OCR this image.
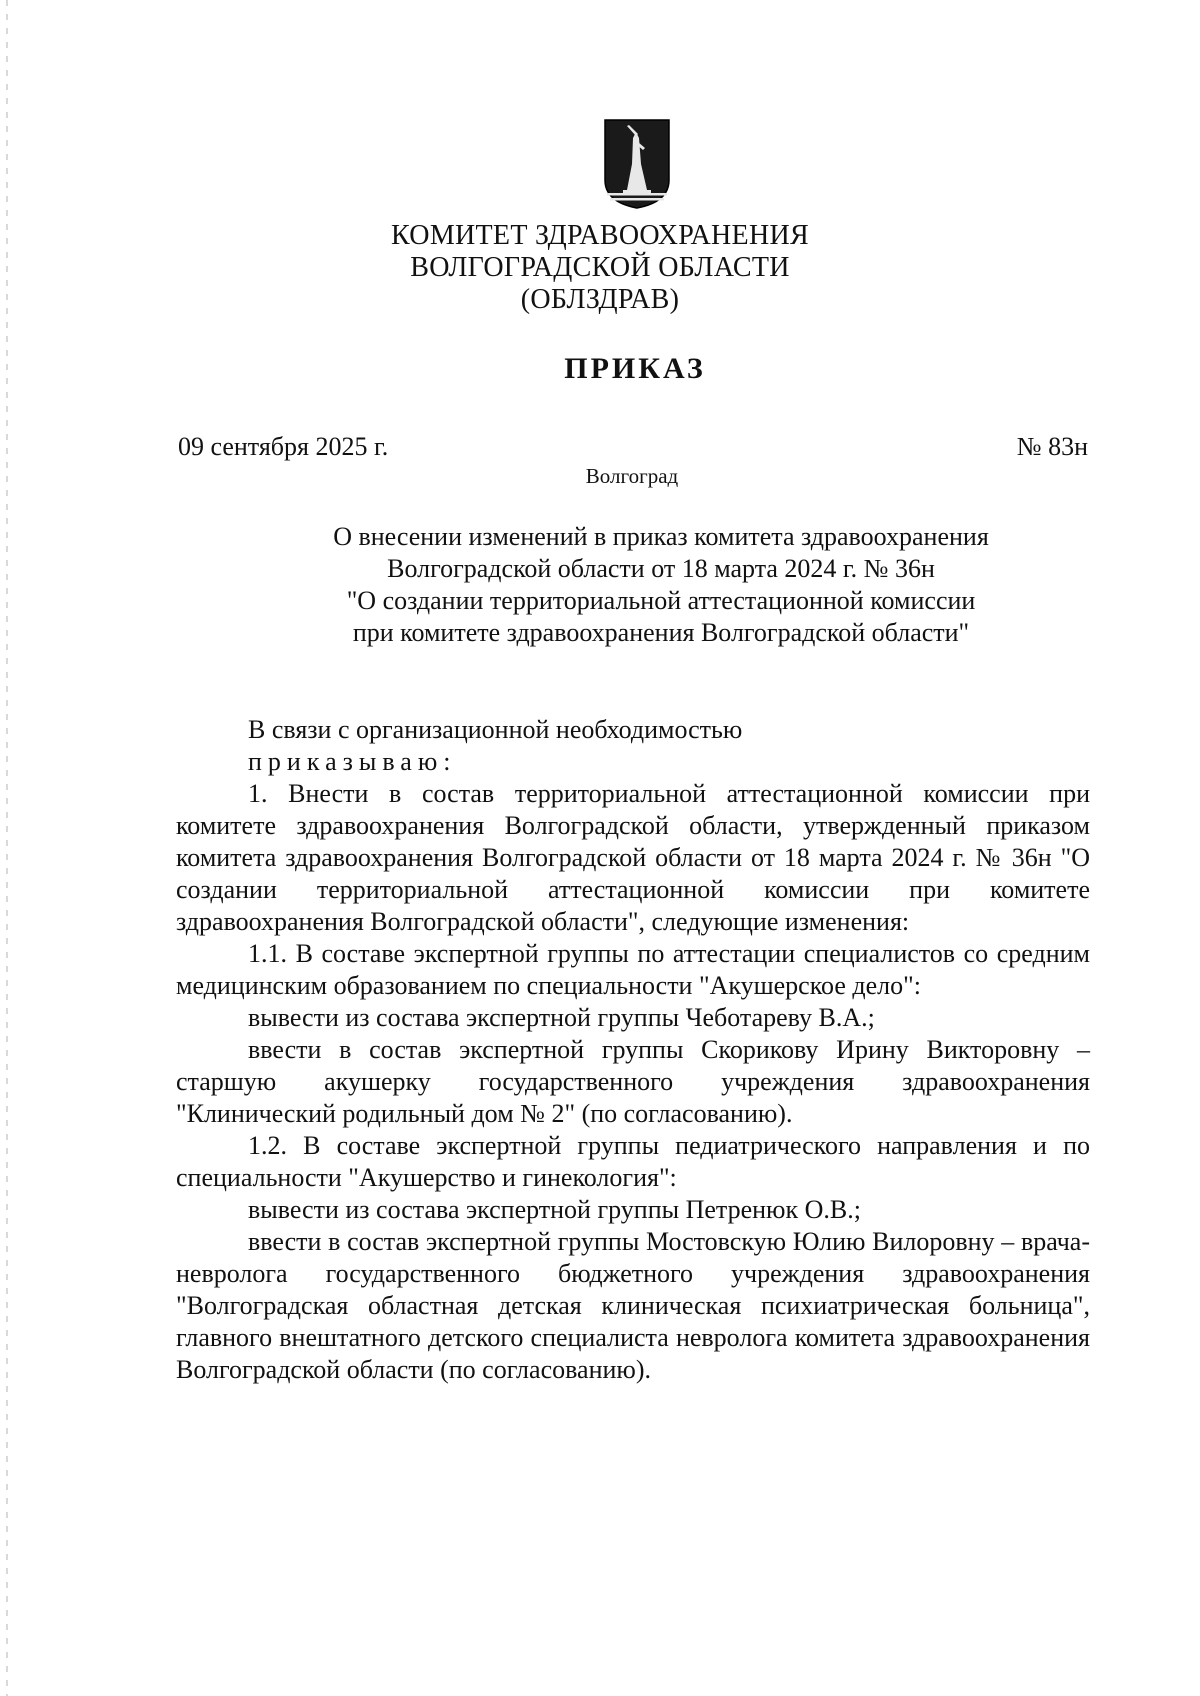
КОМИТЕТ ЗДРАВООХРАНЕНИЯ
ВОЛГОГРАДСКОЙ ОБЛАСТИ
(ОБЛЗДРАВ)
ПРИКАЗ
09 сентября 2025 г.	№ 83н
Волгоград
О внесении изменений в приказ комитета здравоохранения
Волгоградской области от 18 марта 2024 г. № 36н
"О создании территориальной аттестационной комиссии
при комитете здравоохранения Волгоградской области"

В связи с организационной необходимостью

приказываю:

1. Внести в состав территориальной аттестационной комиссии при комитете здравоохранения Волгоградской области, утвержденный приказом комитета здравоохранения Волгоградской области от 18 марта 2024 г. № 36н "О создании территориальной аттестационной комиссии при комитете здравоохранения Волгоградской области", следующие изменения:

1.1. В составе экспертной группы по аттестации специалистов со средним медицинским образованием по специальности "Акушерское дело":

вывести из состава экспертной группы Чеботареву В.А.;

ввести в состав экспертной группы Скорикову Ирину Викторовну – старшую акушерку государственного учреждения здравоохранения "Клинический родильный дом № 2" (по согласованию).

1.2. В составе экспертной группы педиатрического направления и по специальности "Акушерство и гинекология":

вывести из состава экспертной группы Петренюк О.В.;

ввести в состав экспертной группы Мостовскую Юлию Вилоровну – врача-невролога государственного бюджетного учреждения здравоохранения "Волгоградская областная детская клиническая психиатрическая больница", главного внештатного детского специалиста невролога комитета здравоохранения Волгоградской области (по согласованию).
